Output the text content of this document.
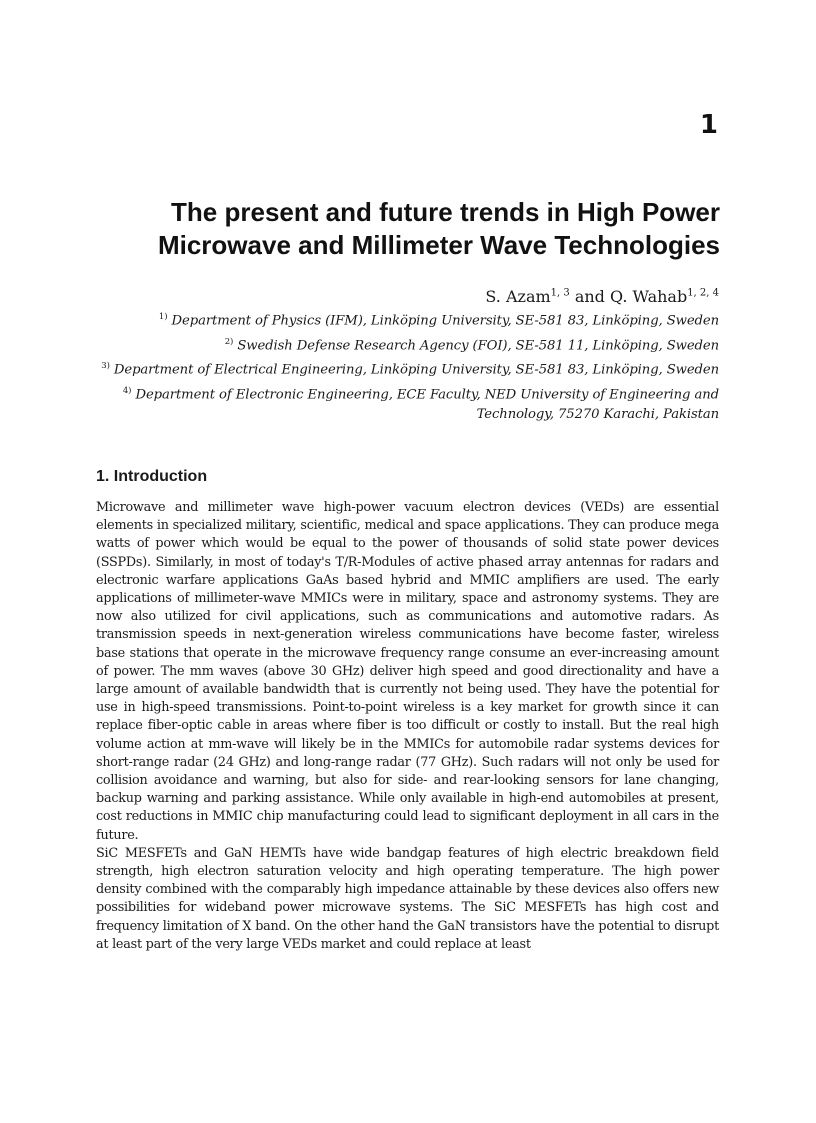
1
The present and future trends in High Power
Microwave and Millimeter Wave Technologies
S. Azam$^{1, 3}$ and Q. Wahab$^{1, 2, 4}$

$^{1)}$ Department of Physics (IFM), Linköping University, SE-581 83, Linköping, Sweden

$^{2)}$ Swedish Defense Research Agency (FOI), SE-581 11, Linköping, Sweden

$^{3)}$ Department of Electrical Engineering, Linköping University, SE-581 83, Linköping, Sweden

$^{4)}$ Department of Electronic Engineering, ECE Faculty, NED University of Engineering and Technology, 75270 Karachi, Pakistan

1. Introduction

Microwave and millimeter wave high-power vacuum electron devices (VEDs) are essential elements in specialized military, scientific, medical and space applications. They can produce mega watts of power which would be equal to the power of thousands of solid state power devices (SSPDs). Similarly, in most of today's T/R-Modules of active phased array antennas for radars and electronic warfare applications GaAs based hybrid and MMIC amplifiers are used. The early applications of millimeter-wave MMICs were in military, space and astronomy systems. They are now also utilized for civil applications, such as communications and automotive radars. As transmission speeds in next-generation wireless communications have become faster, wireless base stations that operate in the microwave frequency range consume an ever-increasing amount of power. The mm waves (above 30 GHz) deliver high speed and good directionality and have a large amount of available bandwidth that is currently not being used. They have the potential for use in high-speed transmissions. Point-to-point wireless is a key market for growth since it can replace fiber-optic cable in areas where fiber is too difficult or costly to install. But the real high volume action at mm-wave will likely be in the MMICs for automobile radar systems devices for short-range radar (24 GHz) and long-range radar (77 GHz). Such radars will not only be used for collision avoidance and warning, but also for side- and rear-looking sensors for lane changing, backup warning and parking assistance. While only available in high-end automobiles at present, cost reductions in MMIC chip manufacturing could lead to significant deployment in all cars in the future.

SiC MESFETs and GaN HEMTs have wide bandgap features of high electric breakdown field strength, high electron saturation velocity and high operating temperature. The high power density combined with the comparably high impedance attainable by these devices also offers new possibilities for wideband power microwave systems. The SiC MESFETs has high cost and frequency limitation of X band. On the other hand the GaN transistors have the potential to disrupt at least part of the very large VEDs market and could replace at least
